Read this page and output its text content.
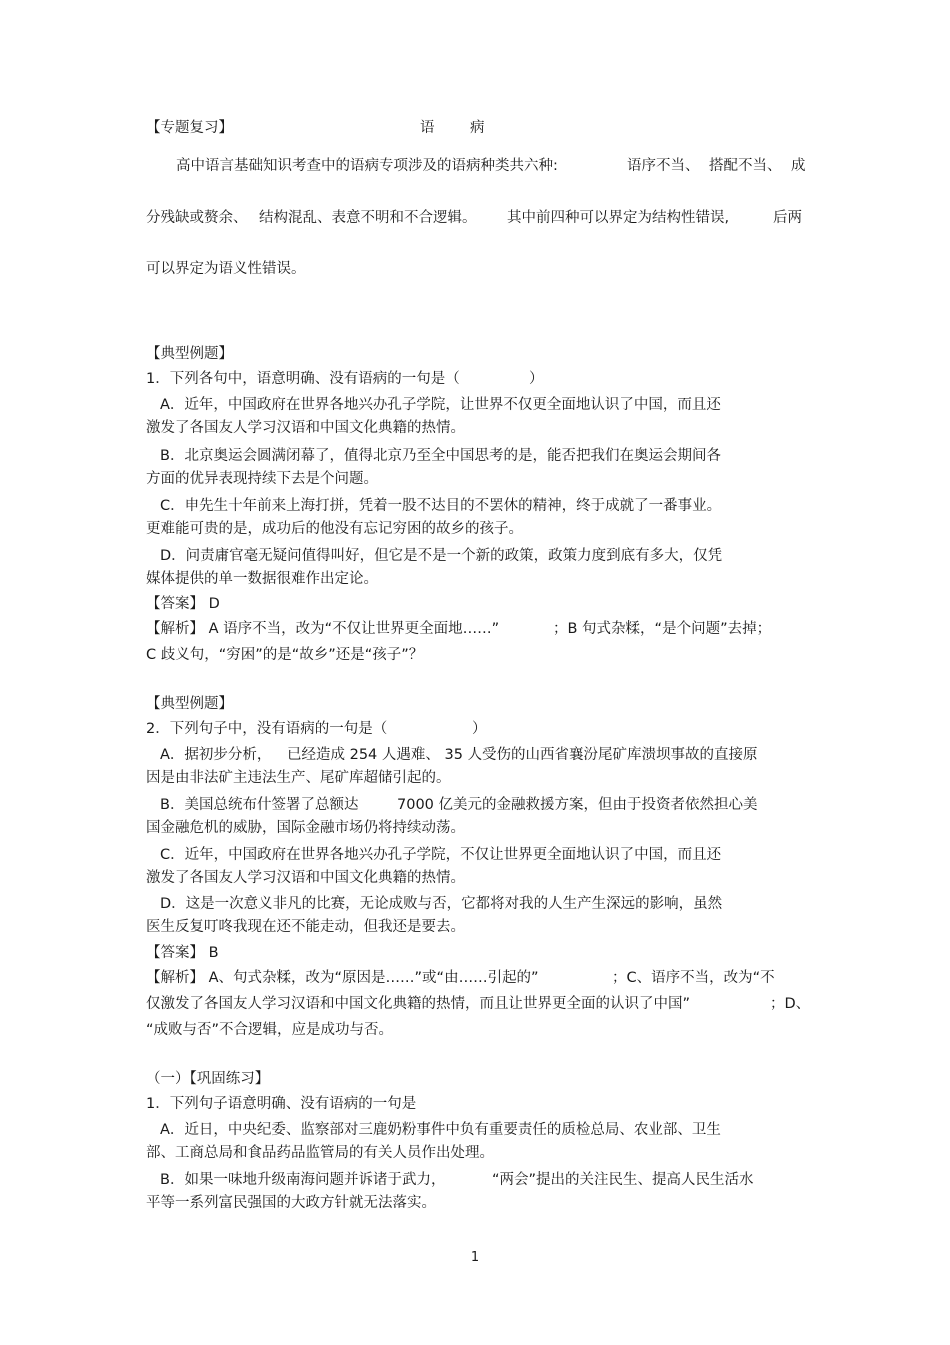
【专题复习】	语 病
高中语言基础知识考查中的语病专项涉及的语病种类共六种:	语序不当、 搭配不当、 成
分残缺或赘余、 结构混乱、表意不明和不合逻辑。 其中前四种可以界定为结构性错误,	后两
可以界定为语义性错误。
【典型例题】
1．下列各句中，语意明确、没有语病的一句是（	）
A．近年，中国政府在世界各地兴办孔子学院，让世界不仅更全面地认识了中国，而且还
激发了各国友人学习汉语和中国文化典籍的热情。
B．北京奥运会圆满闭幕了，值得北京乃至全中国思考的是，能否把我们在奥运会期间各
方面的优异表现持续下去是个问题。
C．申先生十年前来上海打拼，凭着一股不达目的不罢休的精神，终于成就了一番事业。
更难能可贵的是，成功后的他没有忘记穷困的故乡的孩子。
D．问责庸官毫无疑问值得叫好，但它是不是一个新的政策，政策力度到底有多大，仅凭
媒体提供的单一数据很难作出定论。
【答案】 D
【解析】 A 语序不当，改为“不仅让世界更全面地……”	；B 句式杂糅，“是个问题”去掉；
C 歧义句，“穷困”的是“故乡”还是“孩子”？
【典型例题】
2．下列句子中，没有语病的一句是（	）
A．据初步分析， 已经造成 254 人遇难、 35 人受伤的山西省襄汾尾矿库溃坝事故的直接原
因是由非法矿主违法生产、尾矿库超储引起的。
B．美国总统布什签署了总额达	7000 亿美元的金融救援方案，但由于投资者依然担心美
国金融危机的威胁，国际金融市场仍将持续动荡。
C．近年，中国政府在世界各地兴办孔子学院，不仅让世界更全面地认识了中国，而且还
激发了各国友人学习汉语和中国文化典籍的热情。
D．这是一次意义非凡的比赛，无论成败与否，它都将对我的人生产生深远的影响，虽然
医生反复叮咚我现在还不能走动，但我还是要去。
【答案】 B
【解析】 A、句式杂糅，改为“原因是……”或“由……引起的”	；C、语序不当，改为“不
仅激发了各国友人学习汉语和中国文化典籍的热情，而且让世界更全面的认识了中国”	；D、
“成败与否”不合逻辑，应是成功与否。
（一）【巩固练习】
1．下列句子语意明确、没有语病的一句是
A．近日，中央纪委、监察部对三鹿奶粉事件中负有重要责任的质检总局、农业部、卫生
部、工商总局和食品药品监管局的有关人员作出处理。
B．如果一味地升级南海问题并诉诸于武力，	“两会”提出的关注民生、提高人民生活水
平等一系列富民强国的大政方针就无法落实。
1
